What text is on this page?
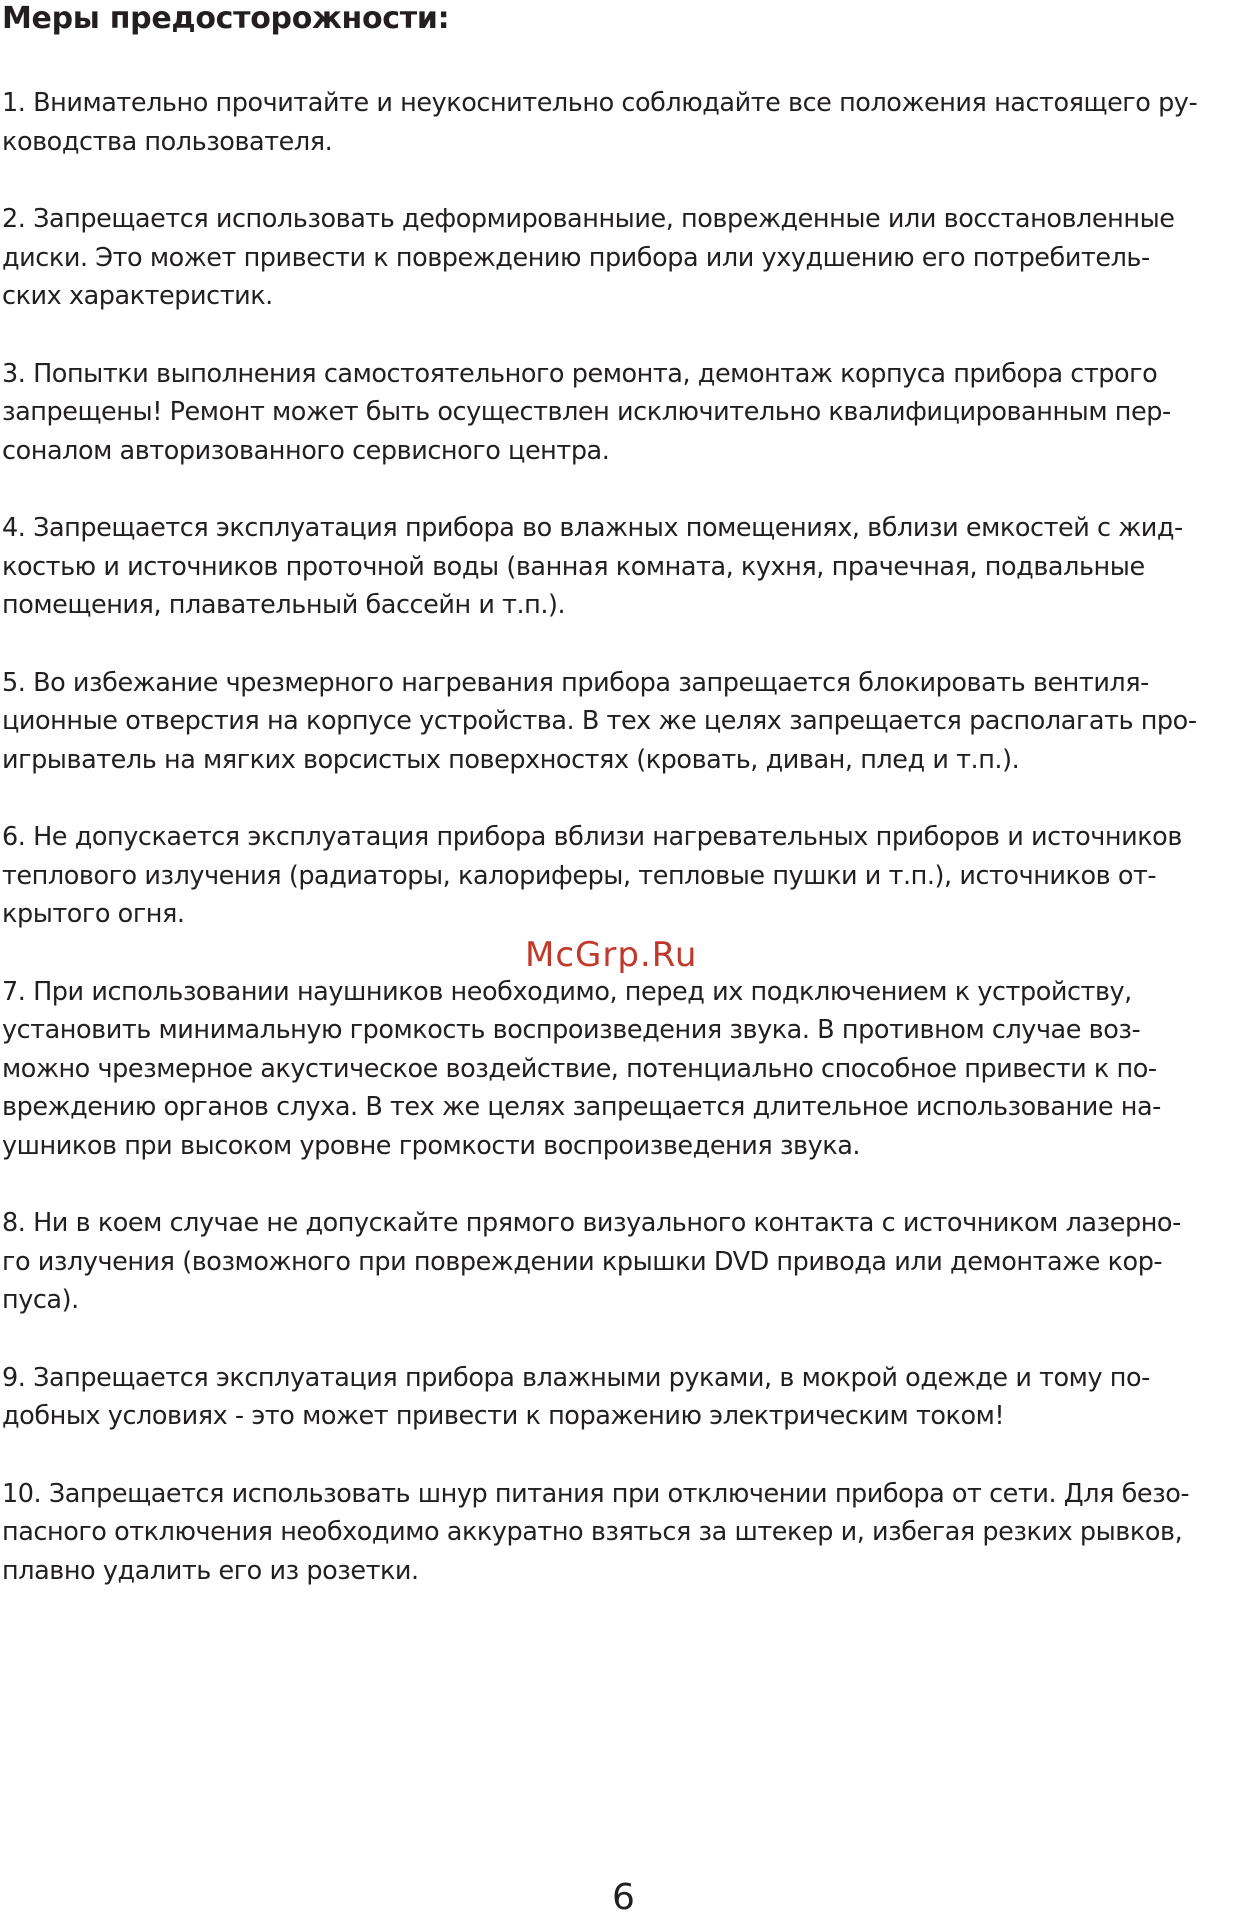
Меры предосторожности:
1. Внимательно прочитайте и неукоснительно соблюдайте все положения настоящего ру-
ководства пользователя.
2. Запрещается использовать деформированныие, поврежденные или восстановленные
диски. Это может привести к повреждению прибора или ухудшению его потребитель-
ских характеристик.
3. Попытки выполнения самостоятельного ремонта, демонтаж корпуса прибора строго
запрещены! Ремонт может быть осуществлен исключительно квалифицированным пер-
соналом авторизованного сервисного центра.
4. Запрещается эксплуатация прибора во влажных помещениях, вблизи емкостей с жид-
костью и источников проточной воды (ванная комната, кухня, прачечная, подвальные
помещения, плавательный бассейн и т.п.).
5. Во избежание чрезмерного нагревания прибора запрещается блокировать вентиля-
ционные отверстия на корпусе устройства. В тех же целях запрещается располагать про-
игрыватель на мягких ворсистых поверхностях (кровать, диван, плед и т.п.).
6. Не допускается эксплуатация прибора вблизи нагревательных приборов и источников
теплового излучения (радиаторы, калориферы, тепловые пушки и т.п.), источников от-
крытого огня.
7. При использовании наушников необходимо, перед их подключением к устройству,
установить минимальную громкость воспроизведения звука. В противном случае воз-
можно чрезмерное акустическое воздействие, потенциально способное привести к по-
вреждению органов слуха. В тех же целях запрещается длительное использование на-
ушников при высоком уровне громкости воспроизведения звука.
8. Ни в коем случае не допускайте прямого визуального контакта с источником лазерно-
го излучения (возможного при повреждении крышки DVD привода или демонтаже кор-
пуса).
9. Запрещается эксплуатация прибора влажными руками, в мокрой одежде и тому по-
добных условиях - это может привести к поражению электрическим током!
10. Запрещается использовать шнур питания при отключении прибора от сети. Для безо-
пасного отключения необходимо аккуратно взяться за штекер и, избегая резких рывков,
плавно удалить его из розетки.
McGrp.Ru
6
